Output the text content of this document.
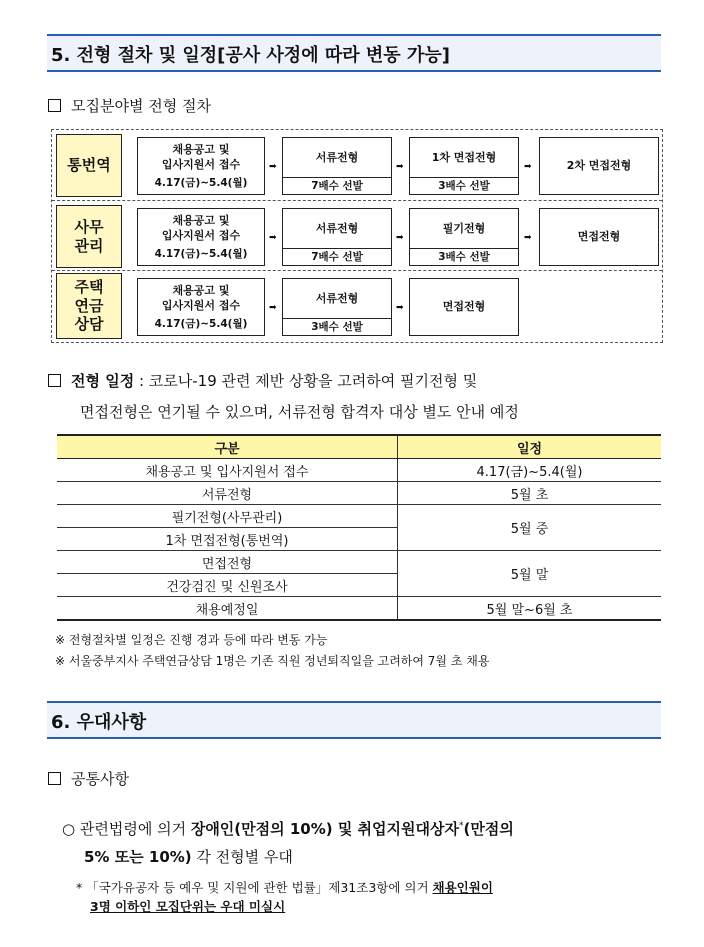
5. 전형 절차 및 일정[공사 사정에 따라 변동 가능]
모집분야별 전형 절차
통번역
채용공고 및
입사지원서 접수
4.17(금)~5.4(월)
➡
서류전형
7배수 선발
➡
1차 면접전형
3배수 선발
➡	2차 면접전형
사무
관리
채용공고 및
입사지원서 접수
4.17(금)~5.4(월)
➡
서류전형
7배수 선발
➡
필기전형
3배수 선발
➡	면접전형
주택
연금
상담
채용공고 및
입사지원서 접수
4.17(금)~5.4(월)
➡
서류전형
3배수 선발
➡	면접전형
전형 일정 : 코로나-19 관련 제반 상황을 고려하여 필기전형 및
면접전형은 연기될 수 있으며, 서류전형 합격자 대상 별도 안내 예정
구분	일정
채용공고 및 입사지원서 접수	4.17(금)~5.4(월)
서류전형	5월 초
필기전형(사무관리)	5월 중
1차 면접전형(통번역)	
면접전형	5월 말
건강검진 및 신원조사	
채용예정일	5월 말~6월 초
※ 전형절차별 일정은 진행 경과 등에 따라 변동 가능
※ 서울중부지사 주택연금상담 1명은 기존 직원 정년퇴직일을 고려하여 7월 초 채용
6. 우대사항
공통사항
○ 관련법령에 의거 장애인(만점의 10%) 및 취업지원대상자*(만점의
5% 또는 10%) 각 전형별 우대
* 「국가유공자 등 예우 및 지원에 관한 법률」제31조3항에 의거 채용인원이
3명 이하인 모집단위는 우대 미실시
